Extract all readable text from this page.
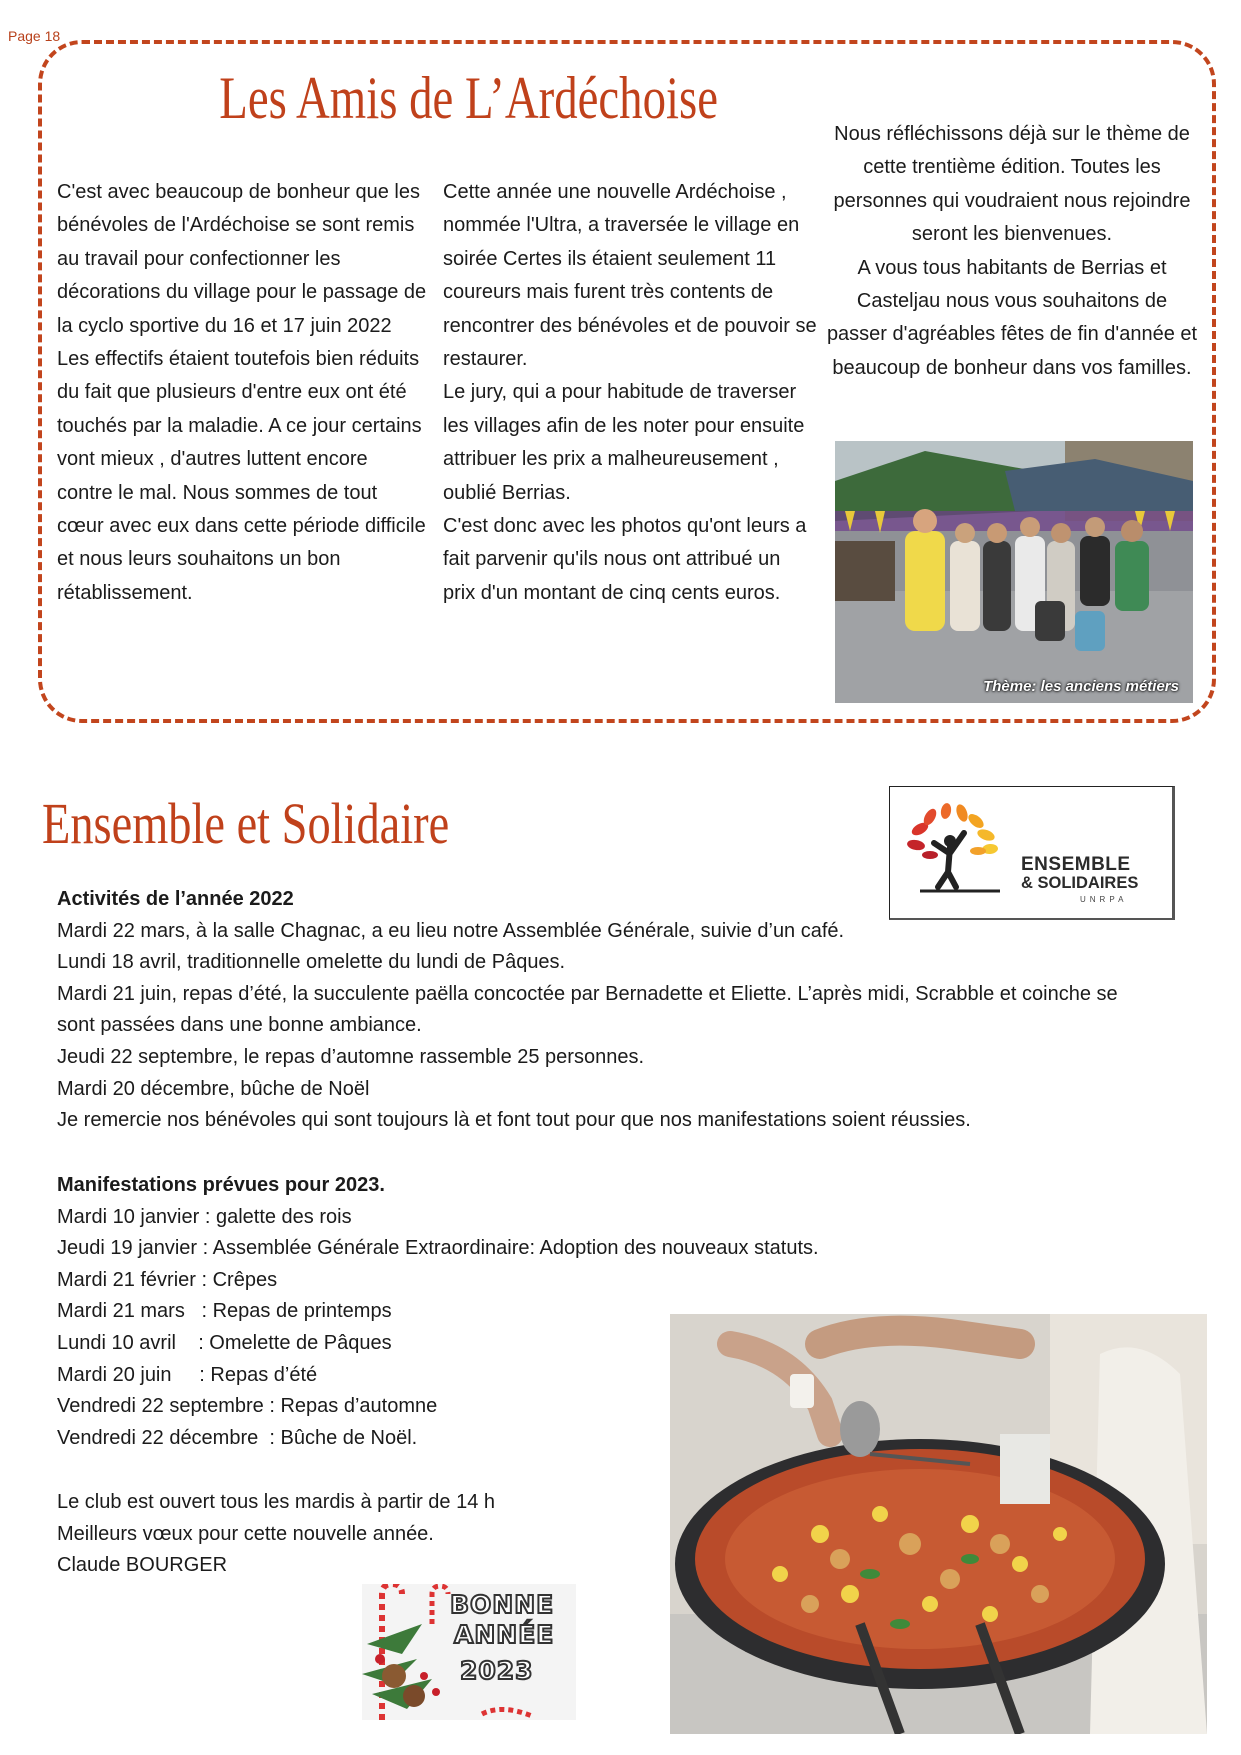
Page 18
Les Amis de L’Ardéchoise

C'est avec beaucoup de bonheur que les bénévoles de l'Ardéchoise se sont remis au travail pour confectionner les décorations du village pour le passage de la cyclo sportive du 16 et 17 juin 2022

Les effectifs étaient toutefois bien réduits du fait que plusieurs d'entre eux ont été touchés par la maladie. A ce jour certains vont mieux , d'autres luttent encore contre le mal. Nous sommes de tout cœur avec eux dans cette période difficile et nous leurs souhaitons un bon rétablissement.

Cette année une nouvelle Ardéchoise , nommée l'Ultra, a traversée le village en soirée Certes ils étaient seulement 11 coureurs mais furent très contents de rencontrer des bénévoles et de pouvoir se restaurer.

Le jury, qui a pour habitude de traverser les villages afin de les noter pour ensuite attribuer les prix a malheureusement , oublié Berrias.

C'est donc avec les photos qu'ont leurs a fait parvenir qu'ils nous ont attribué un prix d'un montant de cinq cents euros.

Nous réfléchissons déjà sur le thème de cette trentième édition. Toutes les personnes qui voudraient nous rejoindre seront les bienvenues.

A vous tous habitants de Berrias et Casteljau nous vous souhaitons de passer d'agréables fêtes de fin d'année et beaucoup de bonheur dans vos familles.

Thème: les anciens métiers
Ensemble et Solidaire
ENSEMBLE
& SOLIDAIRES
UNRPA

Activités de l’année 2022

Mardi 22 mars, à la salle Chagnac, a eu lieu notre Assemblée Générale, suivie d’un café.

Lundi 18 avril, traditionnelle omelette du lundi de Pâques.

Mardi 21 juin, repas d’été, la succulente paëlla concoctée par Bernadette et Eliette. L’après midi, Scrabble et coinche se

sont passées dans une bonne ambiance.

Jeudi 22 septembre, le repas d’automne rassemble 25 personnes.

Mardi 20 décembre, bûche de Noël

Je remercie nos bénévoles qui sont toujours là et font tout pour que nos manifestations soient réussies.

Manifestations prévues pour 2023.

Mardi 10 janvier : galette des rois

Jeudi 19 janvier : Assemblée Générale Extraordinaire: Adoption des nouveaux statuts.

Mardi 21 février : Crêpes

Mardi 21 mars   : Repas de printemps

Lundi 10 avril    : Omelette de Pâques

Mardi 20 juin     : Repas d’été

Vendredi 22 septembre : Repas d’automne

Vendredi 22 décembre  : Bûche de Noël.

Le club est ouvert tous les mardis à partir de 14 h

Meilleurs vœux pour cette nouvelle année.

Claude BOURGER

BONNE
ANNÉE
2023
